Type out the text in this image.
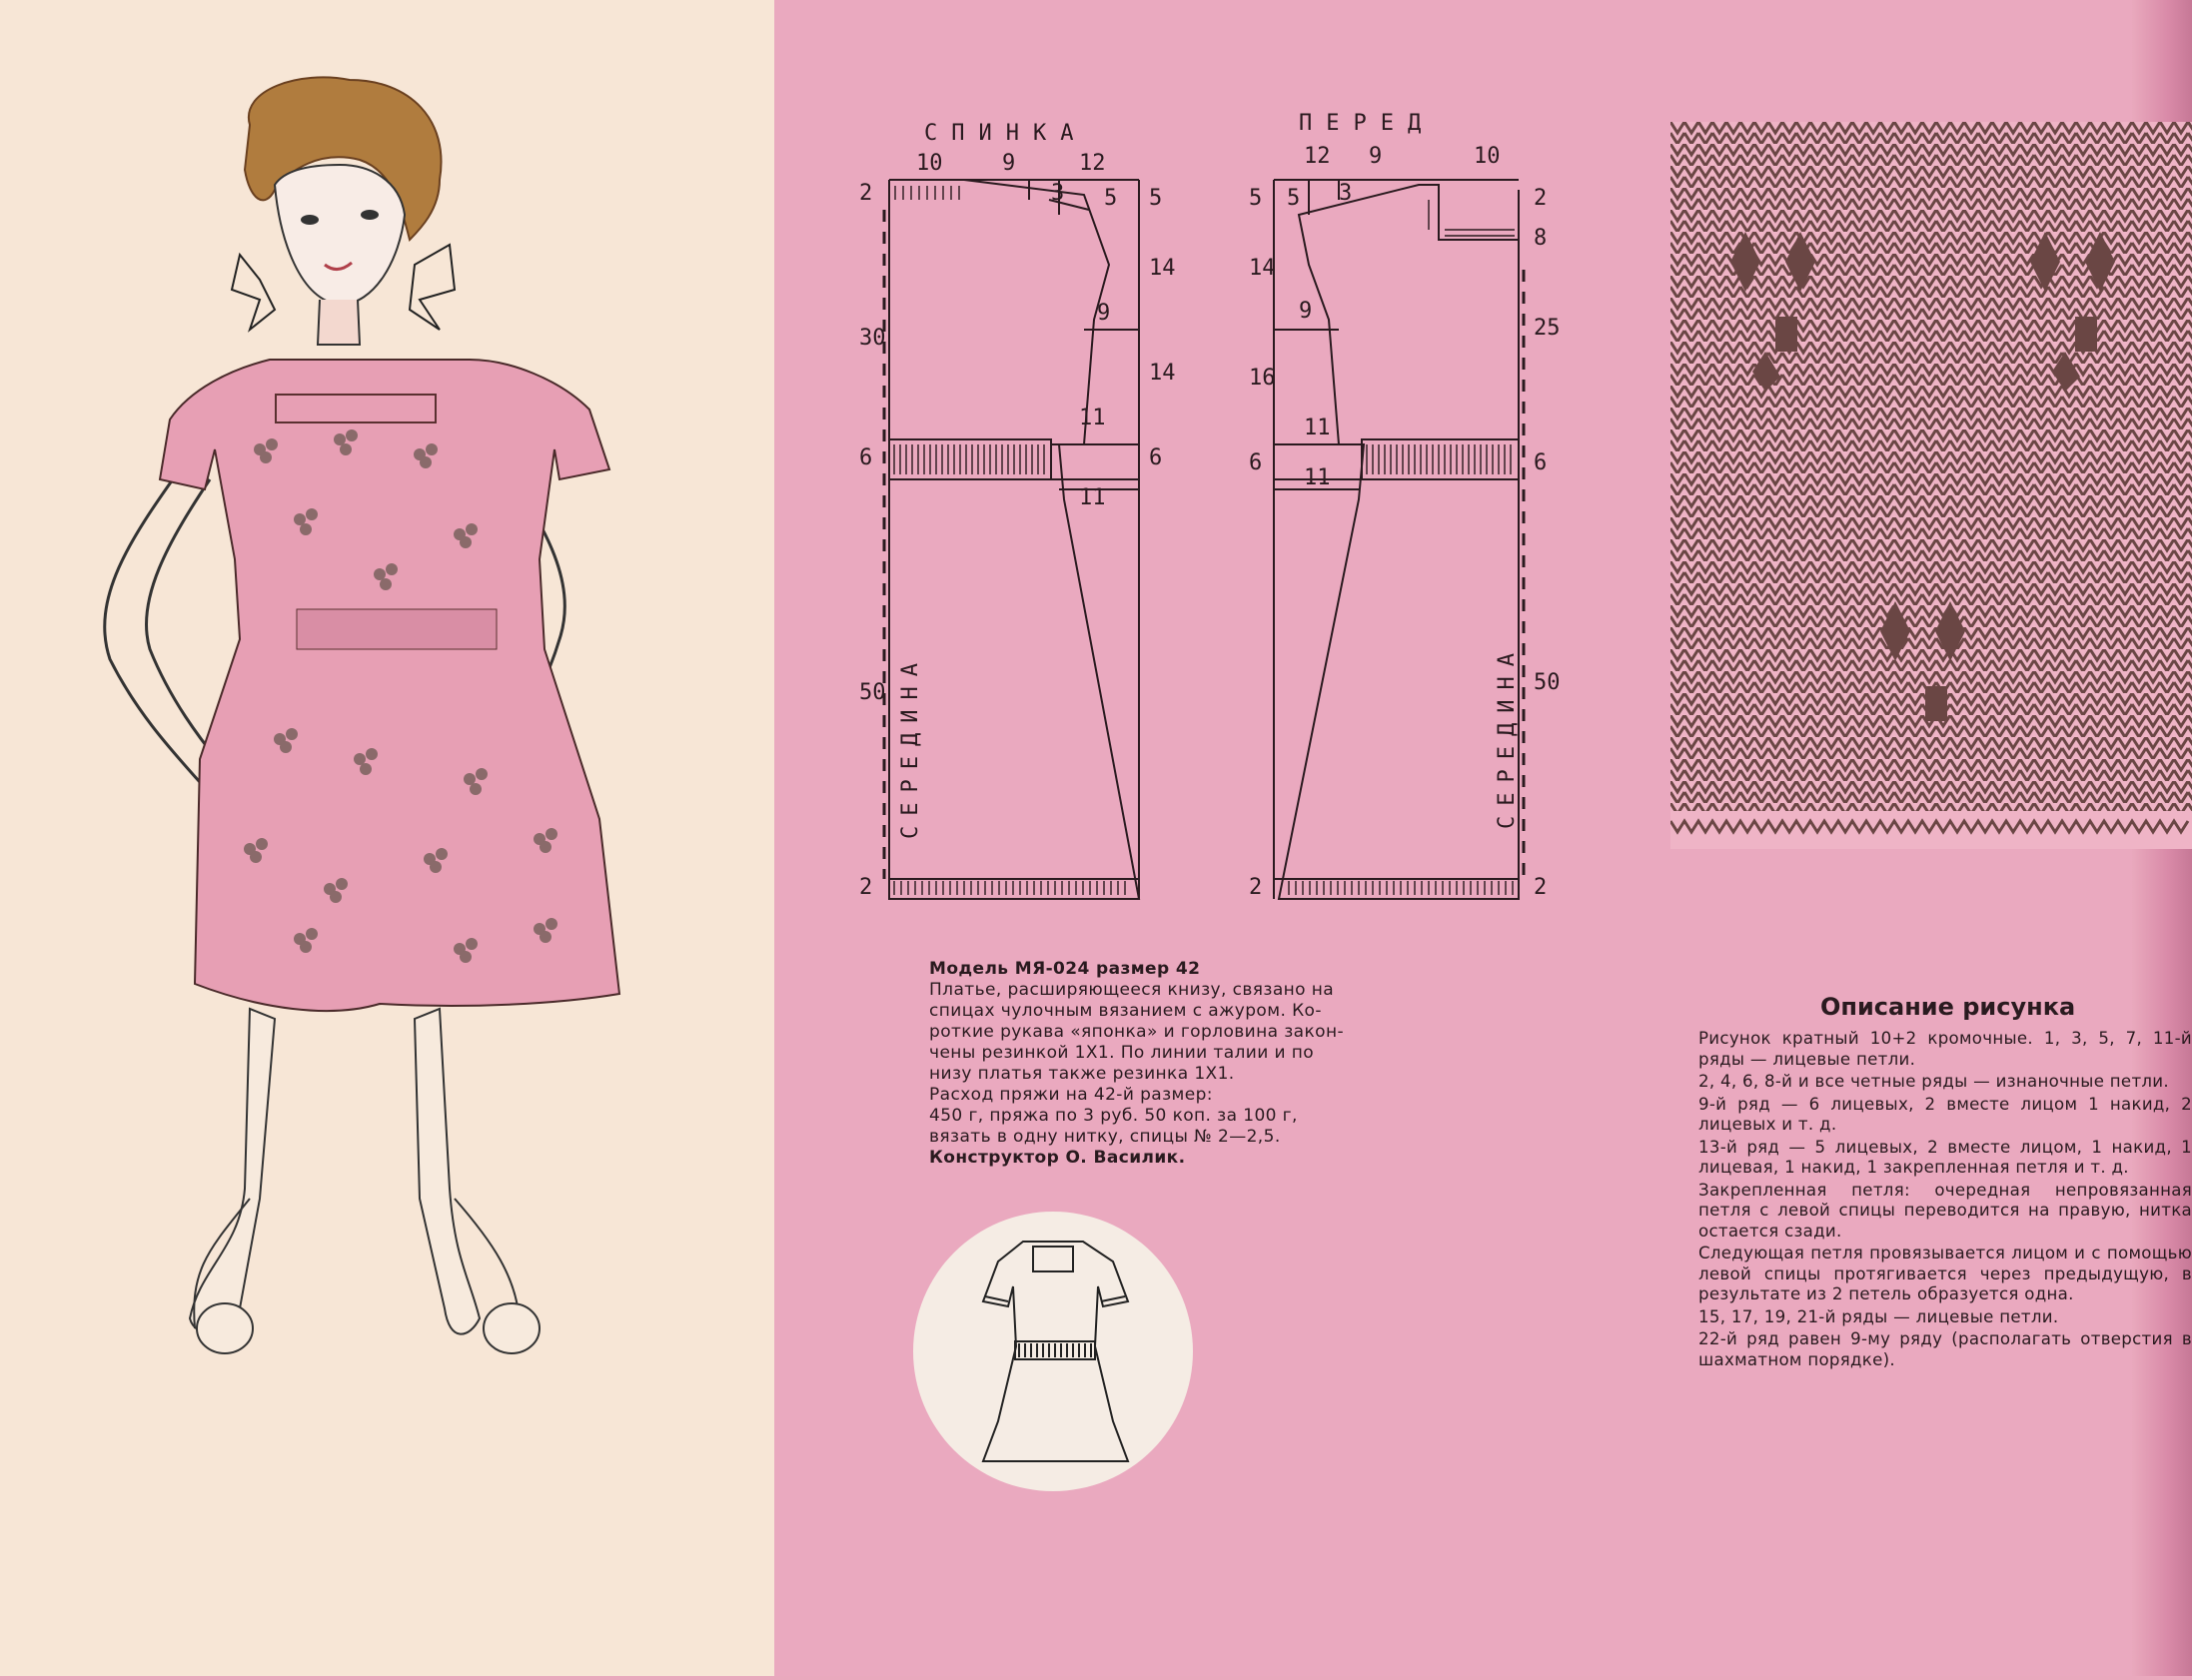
СПИНКА
10	9	12
3 5
9
11
11
5
14
14
6
2
30
6
50
2
СЕРЕДИНА
ПЕРЕД
12 9	10
5 3
9
11
11
5
14
16
6
2
2
8
25
6
50
2
СЕРЕДИНА

Модель МЯ-024 размер 42

Платье, расширяющееся книзу, связано на

спицах чулочным вязанием с ажуром. Ко-

роткие рукава «японка» и горловина закон-

чены резинкой 1Х1. По линии талии и по

низу платья также резинка 1Х1.

Расход пряжи на 42-й размер:

450 г, пряжа по 3 руб. 50 коп. за 100 г,

вязать в одну нитку, спицы № 2—2,5.

Конструктор О. Василик.

Описание рисунка

Рисунок кратный 10+2 кромочные. 1, 3, 5, 7, 11-й ряды — лицевые петли.

2, 4, 6, 8-й и все четные ряды — изнаночные петли.

9-й ряд — 6 лицевых, 2 вместе лицом 1 накид, 2 лицевых и т. д.

13-й ряд — 5 лицевых, 2 вместе лицом, 1 накид, 1 лицевая, 1 накид, 1 закрепленная петля и т. д.

Закрепленная петля: очередная непровязанная петля с левой спицы переводится на правую, нитка остается сзади.

Следующая петля провязывается лицом и с помощью левой спицы протягивается через предыдущую, в результате из 2 петель образуется одна.

15, 17, 19, 21-й ряды — лицевые петли.

22-й ряд равен 9-му ряду (располагать отверстия в шахматном порядке).
